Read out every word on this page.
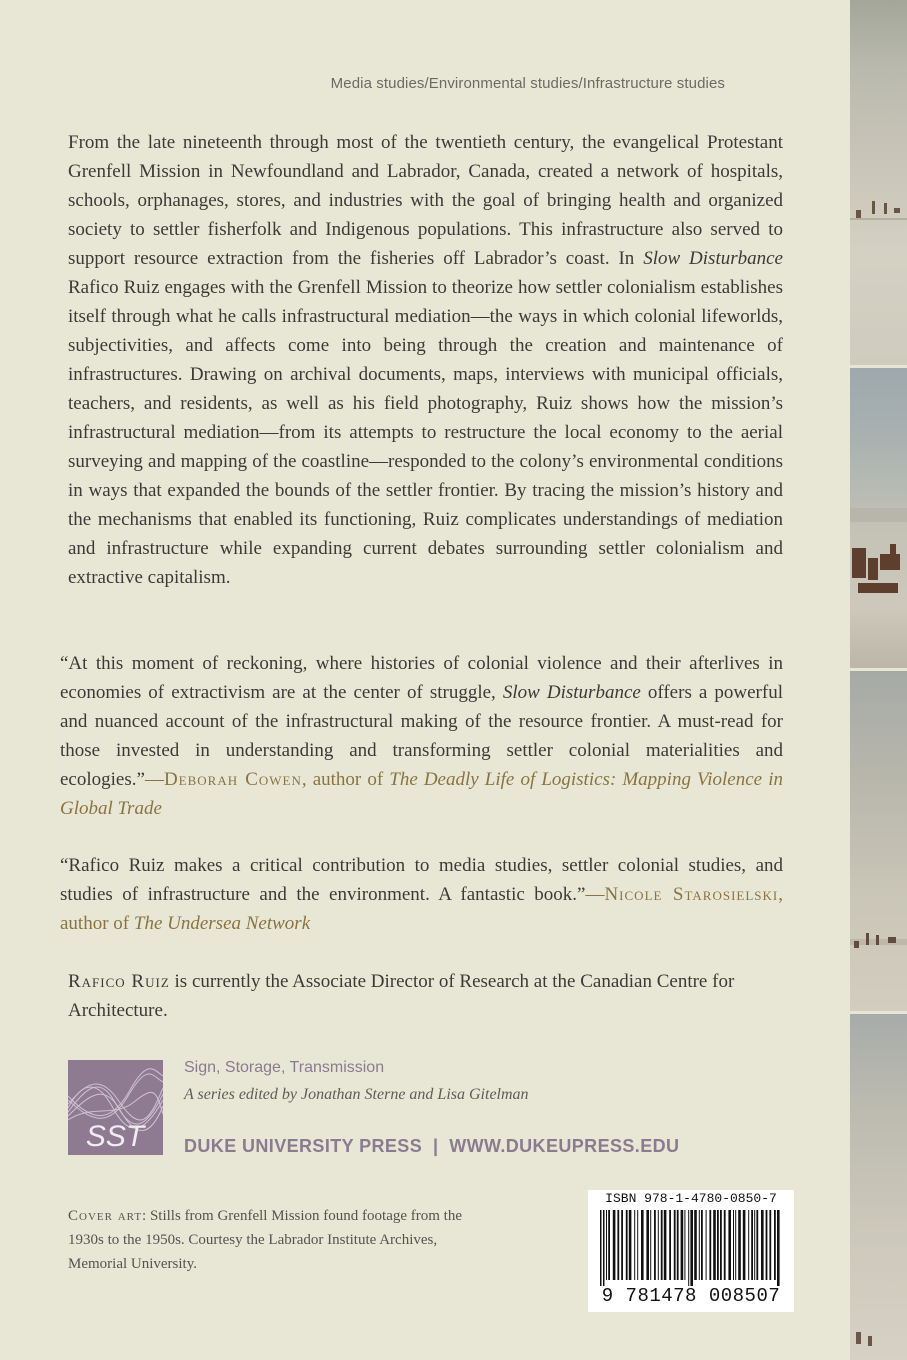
Media studies/Environmental studies/Infrastructure studies

From the late nineteenth through most of the twentieth century, the evangelical Protestant Grenfell Mission in Newfoundland and Labrador, Canada, created a network of hospitals, schools, orphanages, stores, and industries with the goal of bringing health and organized society to settler fisherfolk and Indigenous populations. This infrastructure also served to support resource extraction from the fisheries off Labrador’s coast. In Slow Disturbance Rafico Ruiz engages with the Grenfell Mission to theorize how settler colonialism establishes itself through what he calls infrastructural mediation—the ways in which colonial lifeworlds, subjectivities, and affects come into being through the creation and maintenance of infrastructures. Drawing on archival documents, maps, interviews with municipal officials, teachers, and residents, as well as his field photography, Ruiz shows how the mission’s infrastructural mediation—from its attempts to restructure the local economy to the aerial surveying and mapping of the coastline—responded to the colony’s environmental conditions in ways that expanded the bounds of the settler frontier. By tracing the mission’s history and the mechanisms that enabled its functioning, Ruiz complicates understandings of mediation and infrastructure while expanding current debates surrounding settler colonialism and extractive capitalism.

“At this moment of reckoning, where histories of colonial violence and their afterlives in economies of extractivism are at the center of struggle, Slow Disturbance offers a powerful and nuanced account of the infrastructural making of the resource frontier. A must-read for those invested in understanding and transforming settler colonial materialities and ecologies.”—Deborah Cowen, author of The Deadly Life of Logistics: Mapping Violence in Global Trade

“Rafico Ruiz makes a critical contribution to media studies, settler colonial studies, and studies of infrastructure and the environment. A fantastic book.”—Nicole Starosielski, author of The Undersea Network

Rafico Ruiz is currently the Associate Director of Research at the Canadian Centre for Architecture.

SST
Sign, Storage, Transmission
A series edited by Jonathan Sterne and Lisa Gitelman
DUKE UNIVERSITY PRESS | WWW.DUKEUPRESS.EDU

Cover art: Stills from Grenfell Mission found footage from the 1930s to the 1950s. Courtesy the Labrador Institute Archives, Memorial University.

ISBN 978-1-4780-0850-7
9 781478 008507
